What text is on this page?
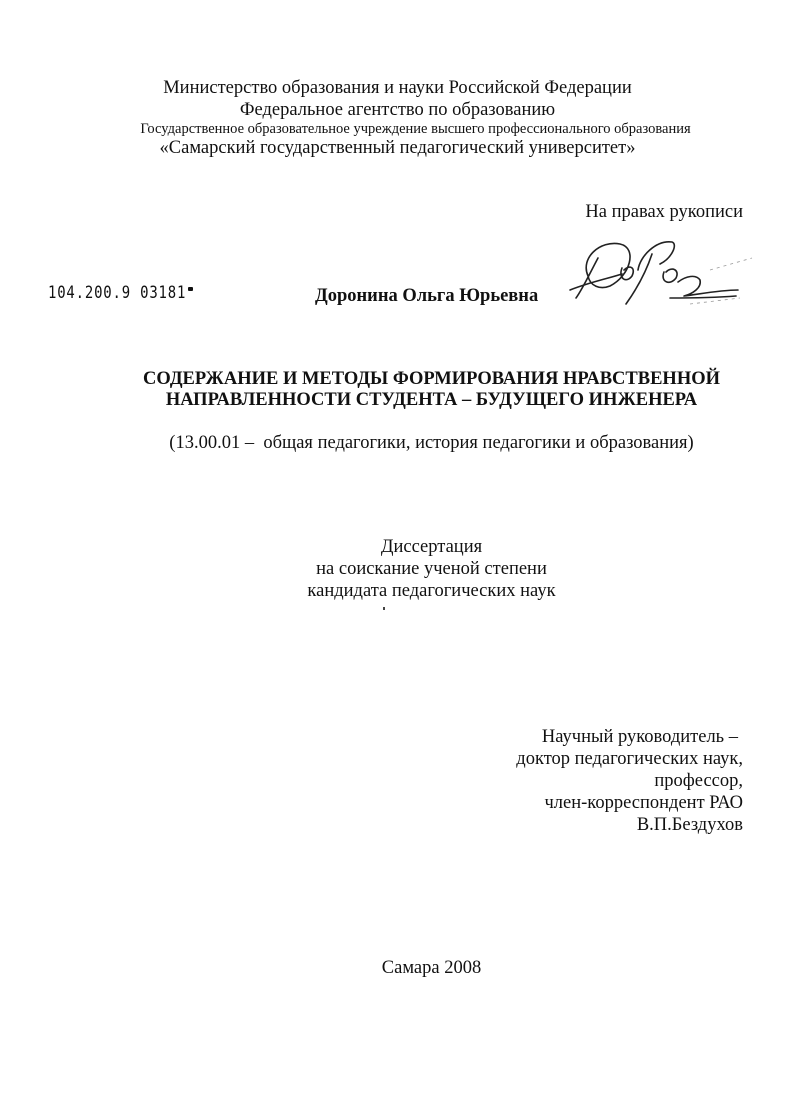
Министерство образования и науки Российской Федерации
Федеральное агентство по образованию
Государственное образовательное учреждение высшего профессионального образования
«Самарский государственный педагогический университет»
На правах рукописи
104.200.9 03181	Доронина Ольга Юрьевна
СОДЕРЖАНИЕ И МЕТОДЫ ФОРМИРОВАНИЯ НРАВСТВЕННОЙ
НАПРАВЛЕННОСТИ СТУДЕНТА – БУДУЩЕГО ИНЖЕНЕРА
(13.00.01 –  общая педагогики, история педагогики и образования)
Диссертация
на соискание ученой степени
кандидата педагогических наук
Научный руководитель –
доктор педагогических наук,
профессор,
член-корреспондент РАО
В.П.Бездухов
Самара 2008
